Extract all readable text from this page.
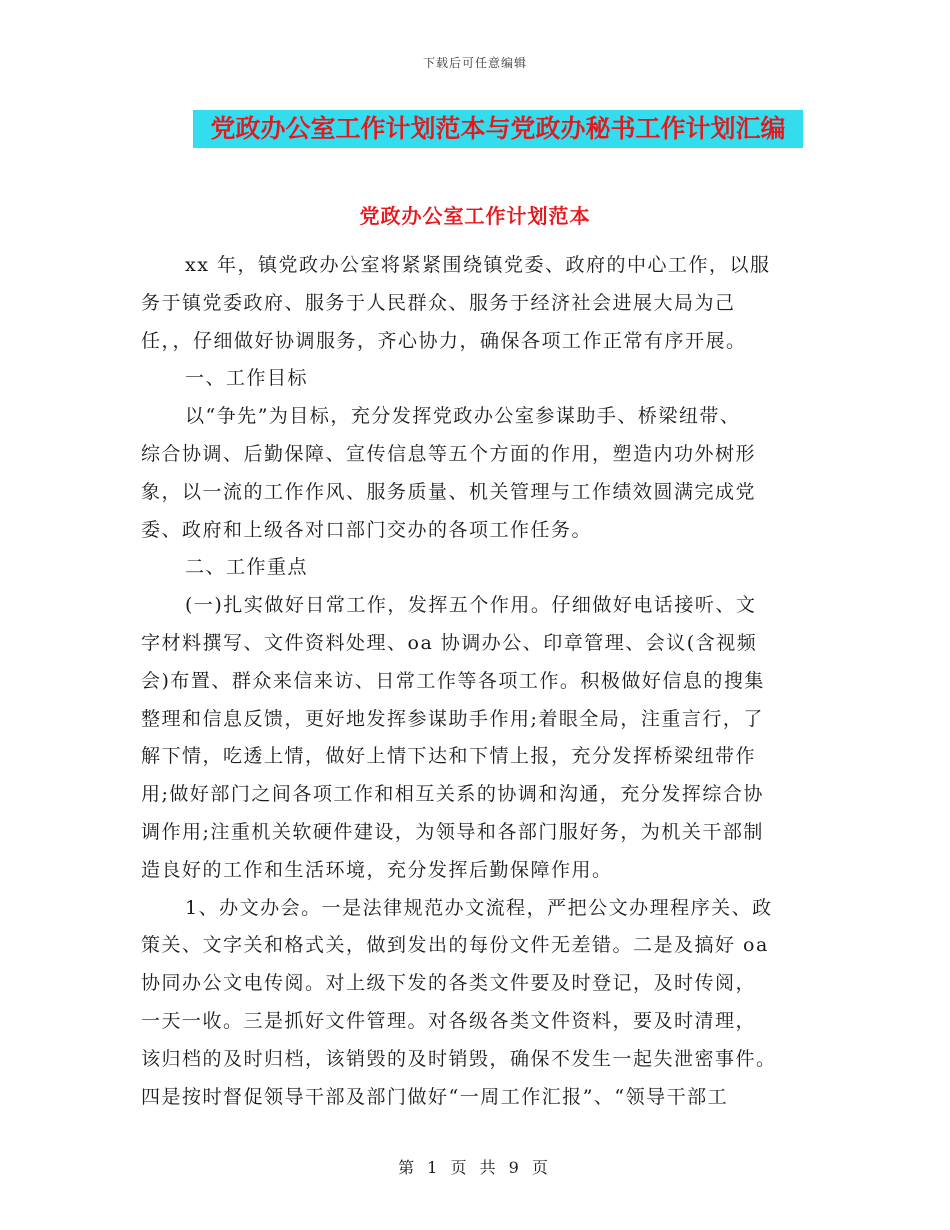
下载后可任意编辑
党政办公室工作计划范本与党政办秘书工作计划汇编
党政办公室工作计划范本
xx 年，镇党政办公室将紧紧围绕镇党委、政府的中心工作，以服
务于镇党委政府、服务于人民群众、服务于经济社会进展大局为己
任，，仔细做好协调服务，齐心协力，确保各项工作正常有序开展。
一、工作目标
以“争先”为目标，充分发挥党政办公室参谋助手、桥梁纽带、
综合协调、后勤保障、宣传信息等五个方面的作用，塑造内功外树形
象，以一流的工作作风、服务质量、机关管理与工作绩效圆满完成党
委、政府和上级各对口部门交办的各项工作任务。
二、工作重点
(一)扎实做好日常工作，发挥五个作用。仔细做好电话接听、文
字材料撰写、文件资料处理、oa 协调办公、印章管理、会议(含视频
会)布置、群众来信来访、日常工作等各项工作。积极做好信息的搜集
整理和信息反馈，更好地发挥参谋助手作用;着眼全局，注重言行，了
解下情，吃透上情，做好上情下达和下情上报，充分发挥桥梁纽带作
用;做好部门之间各项工作和相互关系的协调和沟通，充分发挥综合协
调作用;注重机关软硬件建设，为领导和各部门服好务，为机关干部制
造良好的工作和生活环境，充分发挥后勤保障作用。
1、办文办会。一是法律规范办文流程，严把公文办理程序关、政
策关、文字关和格式关，做到发出的每份文件无差错。二是及搞好 oa
协同办公文电传阅。对上级下发的各类文件要及时登记，及时传阅，
一天一收。三是抓好文件管理。对各级各类文件资料，要及时清理，
该归档的及时归档，该销毁的及时销毁，确保不发生一起失泄密事件。
四是按时督促领导干部及部门做好“一周工作汇报”、“领导干部工
第 1 页 共 9 页
